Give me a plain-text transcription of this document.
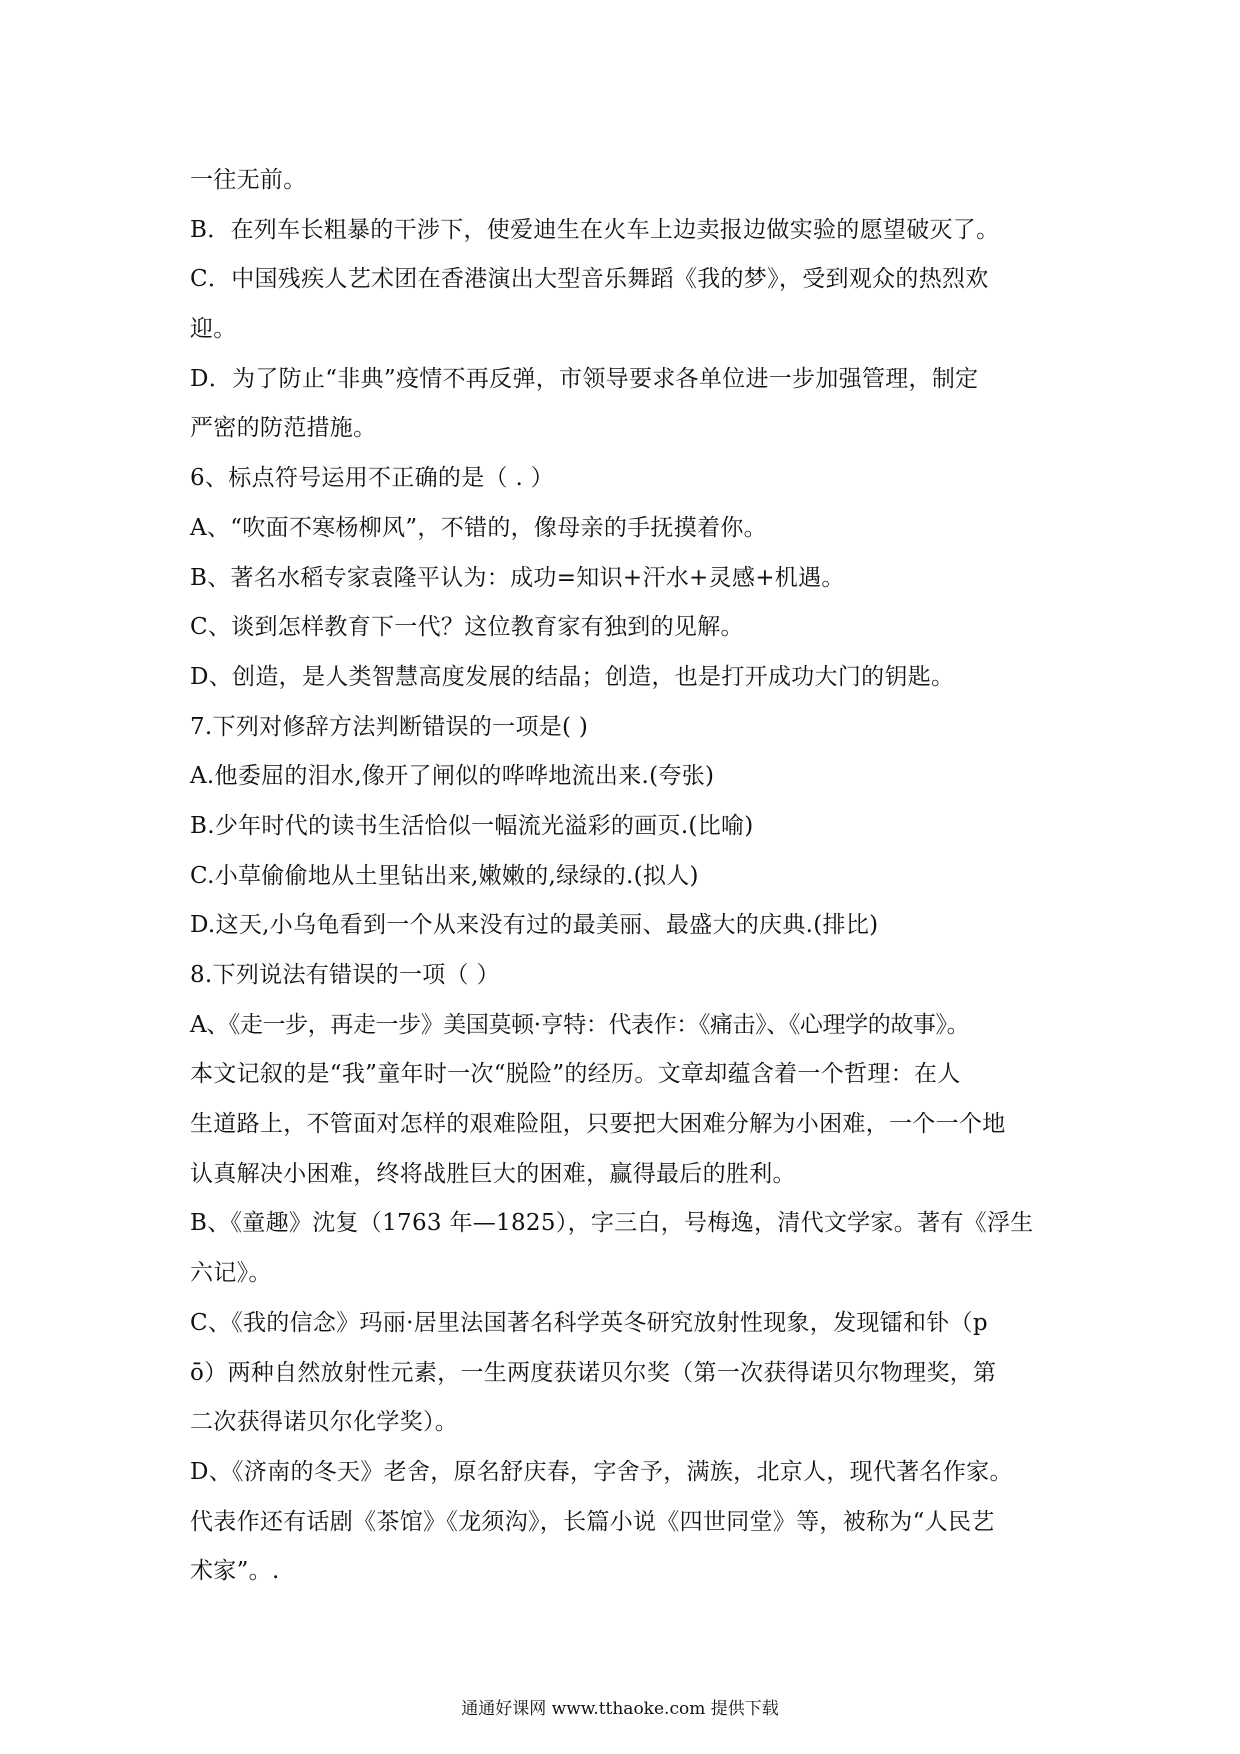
一往无前。
B．在列车长粗暴的干涉下，使爱迪生在火车上边卖报边做实验的愿望破灭了。
C．中国残疾人艺术团在香港演出大型音乐舞蹈《我的梦》，受到观众的热烈欢
迎。
D．为了防止“非典”疫情不再反弹，市领导要求各单位进一步加强管理，制定
严密的防范措施。
6、标点符号运用不正确的是（ . ）
A、“吹面不寒杨柳风”，不错的，像母亲的手抚摸着你。
B、著名水稻专家袁隆平认为：成功=知识+汗水+灵感+机遇。
C、谈到怎样教育下一代？这位教育家有独到的见解。
D、创造，是人类智慧高度发展的结晶；创造，也是打开成功大门的钥匙。
7.下列对修辞方法判断错误的一项是( )
A.他委屈的泪水,像开了闸似的哗哗地流出来.(夸张)
B.少年时代的读书生活恰似一幅流光溢彩的画页.(比喻)
C.小草偷偷地从土里钻出来,嫩嫩的,绿绿的.(拟人)
D.这天,小乌龟看到一个从来没有过的最美丽、最盛大的庆典.(排比)
8.下列说法有错误的一项（ ）
A、《走一步，再走一步》美国莫顿·亨特：代表作：《痛击》、《心理学的故事》。
本文记叙的是“我”童年时一次“脱险”的经历。文章却蕴含着一个哲理：在人
生道路上，不管面对怎样的艰难险阻，只要把大困难分解为小困难，一个一个地
认真解决小困难，终将战胜巨大的困难，赢得最后的胜利。
B、《童趣》沈复（1763 年—1825），字三白，号梅逸，清代文学家。著有《浮生
六记》。
C、《我的信念》玛丽·居里法国著名科学英冬研究放射性现象，发现镭和钋（p
ō）两种自然放射性元素，一生两度获诺贝尔奖（第一次获得诺贝尔物理奖，第
二次获得诺贝尔化学奖）。
D、《济南的冬天》老舍，原名舒庆春，字舍予，满族，北京人，现代著名作家。
代表作还有话剧《茶馆》《龙须沟》，长篇小说《四世同堂》等，被称为“人民艺
术家”。.
通通好课网 www.tthaoke.com 提供下载
